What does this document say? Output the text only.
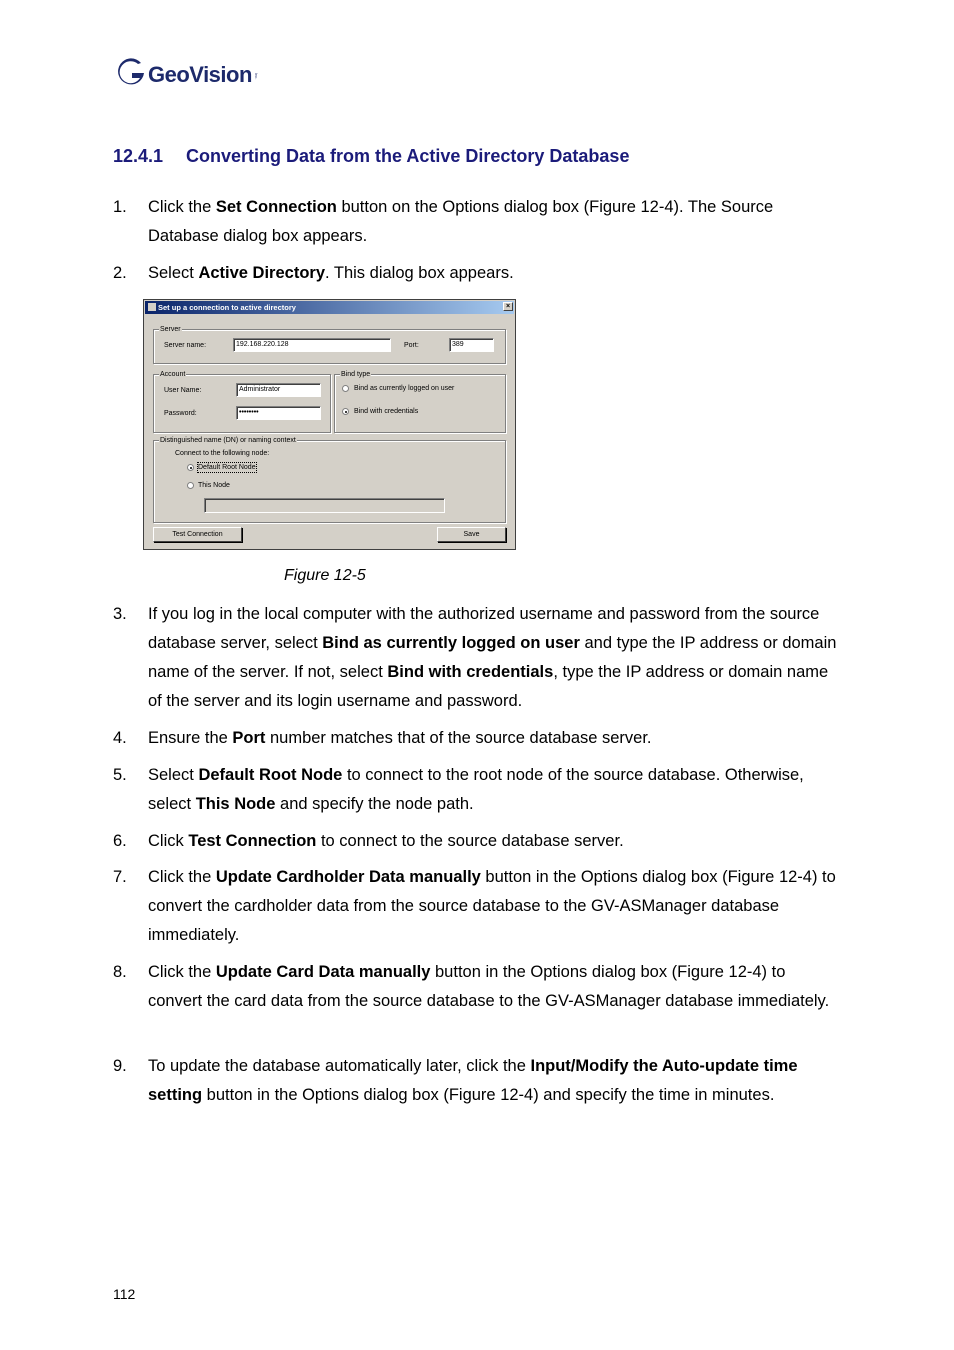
GeoVision Inc.
12.4.1 Converting Data from the Active Directory Database
1. Click the Set Connection button on the Options dialog box (Figure 12-4). The Source Database dialog box appears.
2. Select Active Directory. This dialog box appears.
Set up a connection to active directory	×
Server
Server name:	192.168.220.128	Port:	389
Account
User Name:	Administrator
Password:	••••••••
Bind type
Bind as currently logged on user
Bind with credentials
Distinguished name (DN) or naming context
Connect to the following node:
Default Root Node
This Node
Test Connection	Save
Figure 12-5
3. If you log in the local computer with the authorized username and password from the source database server, select Bind as currently logged on user and type the IP address or domain name of the server. If not, select Bind with credentials, type the IP address or domain name of the server and its login username and password.
4. Ensure the Port number matches that of the source database server.
5. Select Default Root Node to connect to the root node of the source database. Otherwise, select This Node and specify the node path.
6. Click Test Connection to connect to the source database server.
7. Click the Update Cardholder Data manually button in the Options dialog box (Figure 12-4) to convert the cardholder data from the source database to the GV-ASManager database immediately.
8. Click the Update Card Data manually button in the Options dialog box (Figure 12-4) to convert the card data from the source database to the GV-ASManager database immediately.
9. To update the database automatically later, click the Input/Modify the Auto-update time setting button in the Options dialog box (Figure 12-4) and specify the time in minutes.
112
